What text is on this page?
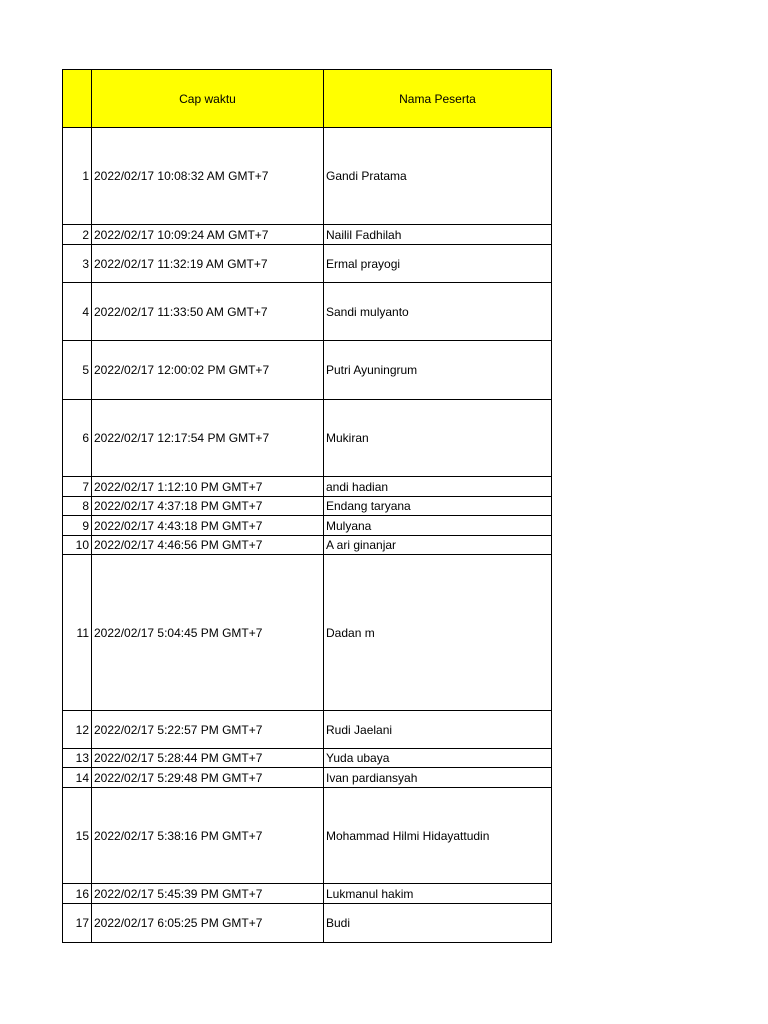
	Cap waktu	Nama Peserta
1	2022/02/17 10:08:32 AM GMT+7	Gandi Pratama
2	2022/02/17 10:09:24 AM GMT+7	Nailil Fadhilah
3	2022/02/17 11:32:19 AM GMT+7	Ermal prayogi
4	2022/02/17 11:33:50 AM GMT+7	Sandi mulyanto
5	2022/02/17 12:00:02 PM GMT+7	Putri Ayuningrum
6	2022/02/17 12:17:54 PM GMT+7	Mukiran
7	2022/02/17 1:12:10 PM GMT+7	andi hadian
8	2022/02/17 4:37:18 PM GMT+7	Endang taryana
9	2022/02/17 4:43:18 PM GMT+7	Mulyana
10	2022/02/17 4:46:56 PM GMT+7	A ari ginanjar
11	2022/02/17 5:04:45 PM GMT+7	Dadan m
12	2022/02/17 5:22:57 PM GMT+7	Rudi Jaelani
13	2022/02/17 5:28:44 PM GMT+7	Yuda ubaya
14	2022/02/17 5:29:48 PM GMT+7	Ivan pardiansyah
15	2022/02/17 5:38:16 PM GMT+7	Mohammad Hilmi Hidayattudin
16	2022/02/17 5:45:39 PM GMT+7	Lukmanul hakim
17	2022/02/17 6:05:25 PM GMT+7	Budi
